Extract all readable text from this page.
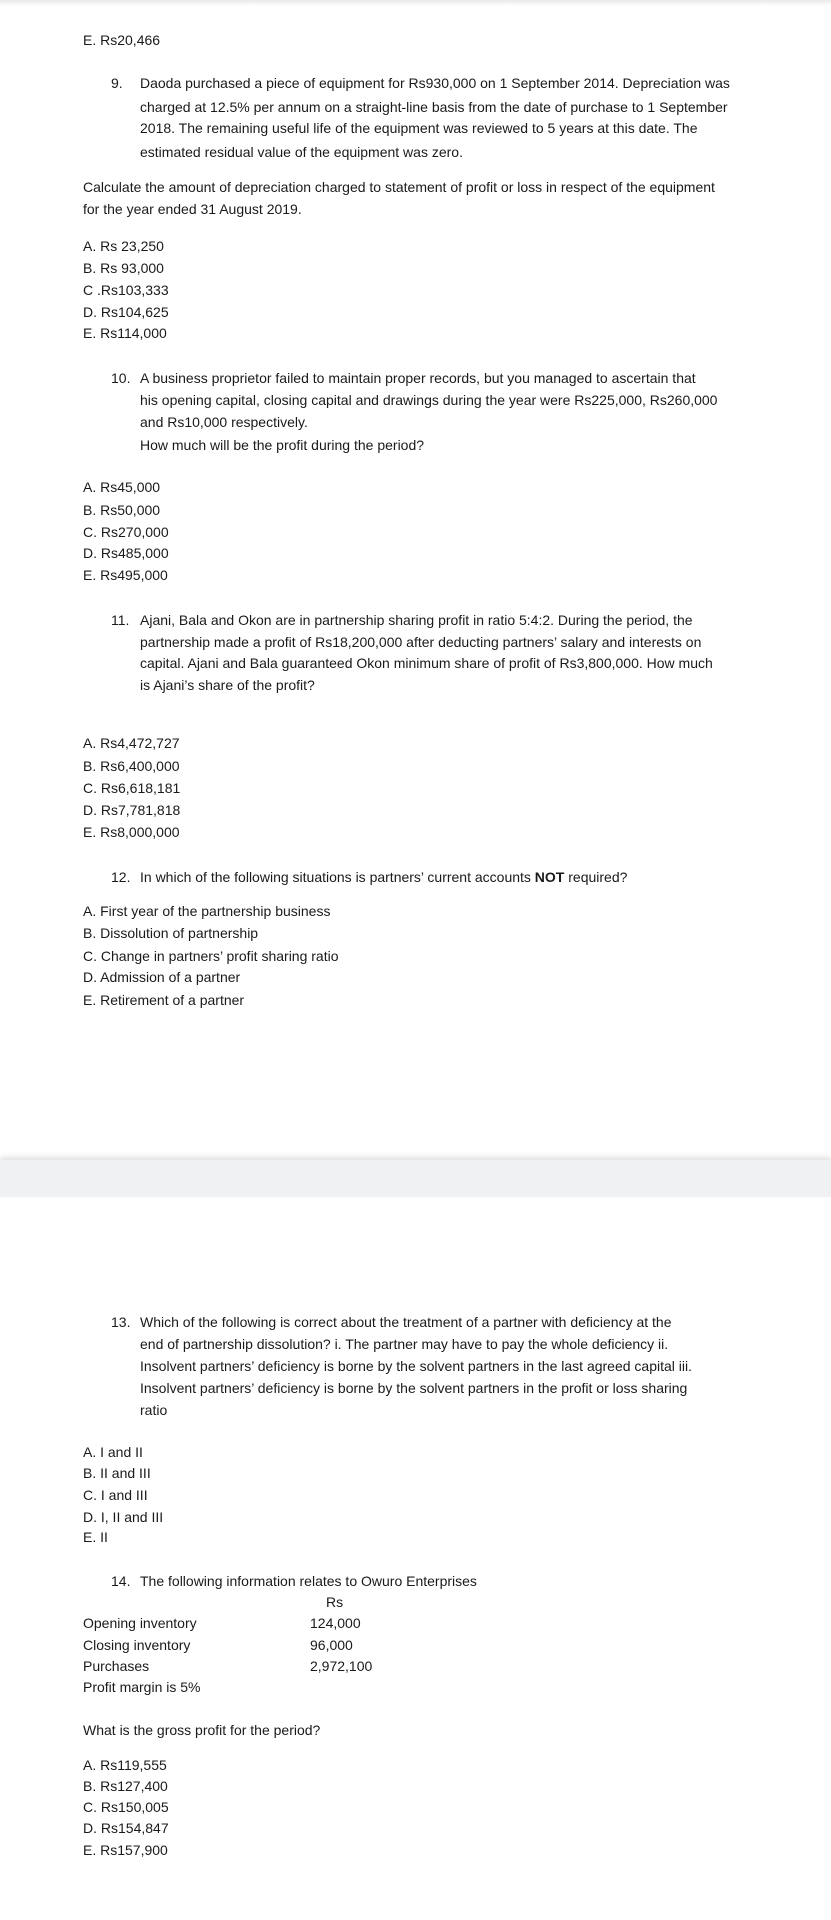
E. Rs20,466
9. Daoda purchased a piece of equipment for Rs930,000 on 1 September 2014. Depreciation was
charged at 12.5% per annum on a straight-line basis from the date of purchase to 1 September
2018. The remaining useful life of the equipment was reviewed to 5 years at this date. The
estimated residual value of the equipment was zero.
Calculate the amount of depreciation charged to statement of profit or loss in respect of the equipment
for the year ended 31 August 2019.
A. Rs 23,250
B. Rs 93,000
C .Rs103,333
D. Rs104,625
E. Rs114,000
10. A business proprietor failed to maintain proper records, but you managed to ascertain that
his opening capital, closing capital and drawings during the year were Rs225,000, Rs260,000
and Rs10,000 respectively.
How much will be the profit during the period?
A. Rs45,000
B. Rs50,000
C. Rs270,000
D. Rs485,000
E. Rs495,000
11. Ajani, Bala and Okon are in partnership sharing profit in ratio 5:4:2. During the period, the
partnership made a profit of Rs18,200,000 after deducting partners’ salary and interests on
capital. Ajani and Bala guaranteed Okon minimum share of profit of Rs3,800,000. How much
is Ajani’s share of the profit?
A. Rs4,472,727
B. Rs6,400,000
C. Rs6,618,181
D. Rs7,781,818
E. Rs8,000,000
12. In which of the following situations is partners’ current accounts NOT required?
A. First year of the partnership business
B. Dissolution of partnership
C. Change in partners’ profit sharing ratio
D. Admission of a partner
E. Retirement of a partner
13. Which of the following is correct about the treatment of a partner with deficiency at the
end of partnership dissolution? i. The partner may have to pay the whole deficiency ii.
Insolvent partners’ deficiency is borne by the solvent partners in the last agreed capital iii.
Insolvent partners’ deficiency is borne by the solvent partners in the profit or loss sharing
ratio
A. I and II
B. II and III
C. I and III
D. I, II and III
E. II
14. The following information relates to Owuro Enterprises
Rs
Opening inventory	124,000
Closing inventory	96,000
Purchases	2,972,100
Profit margin is 5%
What is the gross profit for the period?
A. Rs119,555
B. Rs127,400
C. Rs150,005
D. Rs154,847
E. Rs157,900
